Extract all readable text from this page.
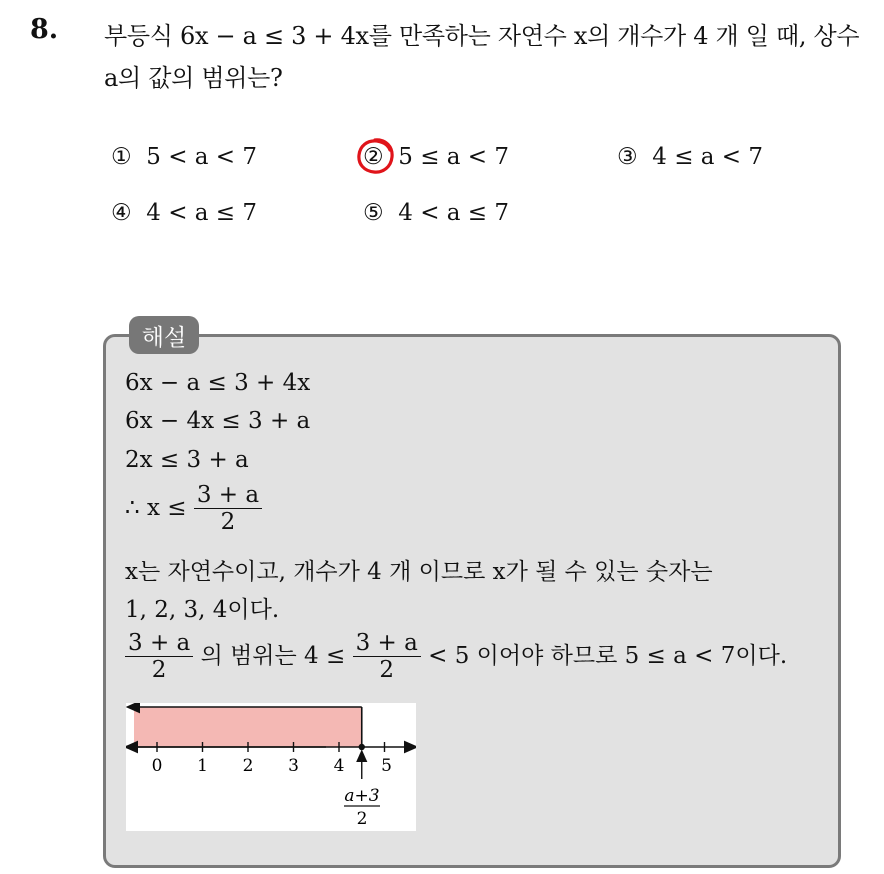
8. 부등식 6x − a ≤ 3 + 4x를 만족하는 자연수 x의 개수가 4 개 일 때, 상수
a의 값의 범위는?
① 5 < a < 7	② 5 ≤ a < 7	③ 4 ≤ a < 7
④ 4 < a ≤ 7	⑤ 4 < a ≤ 7
해설
6x − a ≤ 3 + 4x
6x − 4x ≤ 3 + a
2x ≤ 3 + a
∴ $x \le \frac{3 + a}{2}$
x는 자연수이고, 개수가 4 개 이므로 x가 될 수 있는 숫자는
1, 2, 3, 4이다.
$\frac{3 + a}{2}$ 의 범위는 $4 \le \frac{3 + a}{2} < 5$ 이어야 하므로 5 ≤ a < 7이다.
0 1 2 3 4 5
a+3
2
